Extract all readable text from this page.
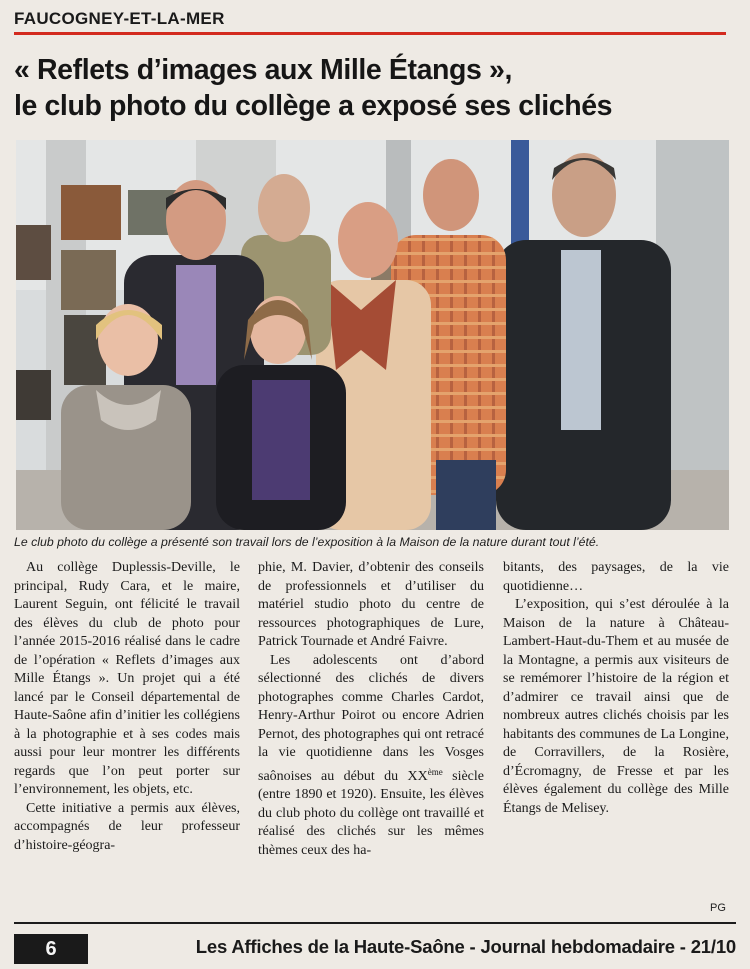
FAUCOGNEY-ET-LA-MER
« Reflets d’images aux Mille Étangs »,
le club photo du collège a exposé ses clichés
Le club photo du collège a présenté son travail lors de l’exposition à la Maison de la nature durant tout l’été.

Au collège Duplessis-Deville, le principal, Rudy Cara, et le maire, Laurent Seguin, ont félicité le travail des élèves du club de photo pour l’année 2015-2016 réalisé dans le cadre de l’opération « Reflets d’images aux Mille Étangs ». Un projet qui a été lancé par le Conseil départemental de Haute-Saône afin d’initier les collégiens à la photographie et à ses codes mais aussi pour leur montrer les différents regards que l’on peut porter sur l’environnement, les objets, etc.

Cette initiative a permis aux élèves, accompagnés de leur professeur d’histoire-géogra-

phie, M. Davier, d’obtenir des conseils de professionnels et d’utiliser du matériel studio photo du centre de ressources photographiques de Lure, Patrick Tournade et André Faivre.

Les adolescents ont d’abord sélectionné des clichés de divers photographes comme Charles Cardot, Henry-Arthur Poirot ou encore Adrien Pernot, des photographes qui ont retracé la vie quotidienne dans les Vosges saônoises au début du XXème siècle (entre 1890 et 1920). Ensuite, les élèves du club photo du collège ont travaillé et réalisé des clichés sur les mêmes thèmes ceux des ha-

bitants, des paysages, de la vie quotidienne…

L’exposition, qui s’est déroulée à la Maison de la nature à Château-Lambert-Haut-du-Them et au musée de la Montagne, a permis aux visiteurs de se remémorer l’histoire de la région et d’admirer ce travail ainsi que de nombreux autres clichés choisis par les habitants des communes de La Longine, de Corravillers, de la Rosière, d’Écromagny, de Fresse et par les élèves également du collège des Mille Étangs de Melisey.

PG
6	Les Affiches de la Haute-Saône - Journal hebdomadaire - 21/10
